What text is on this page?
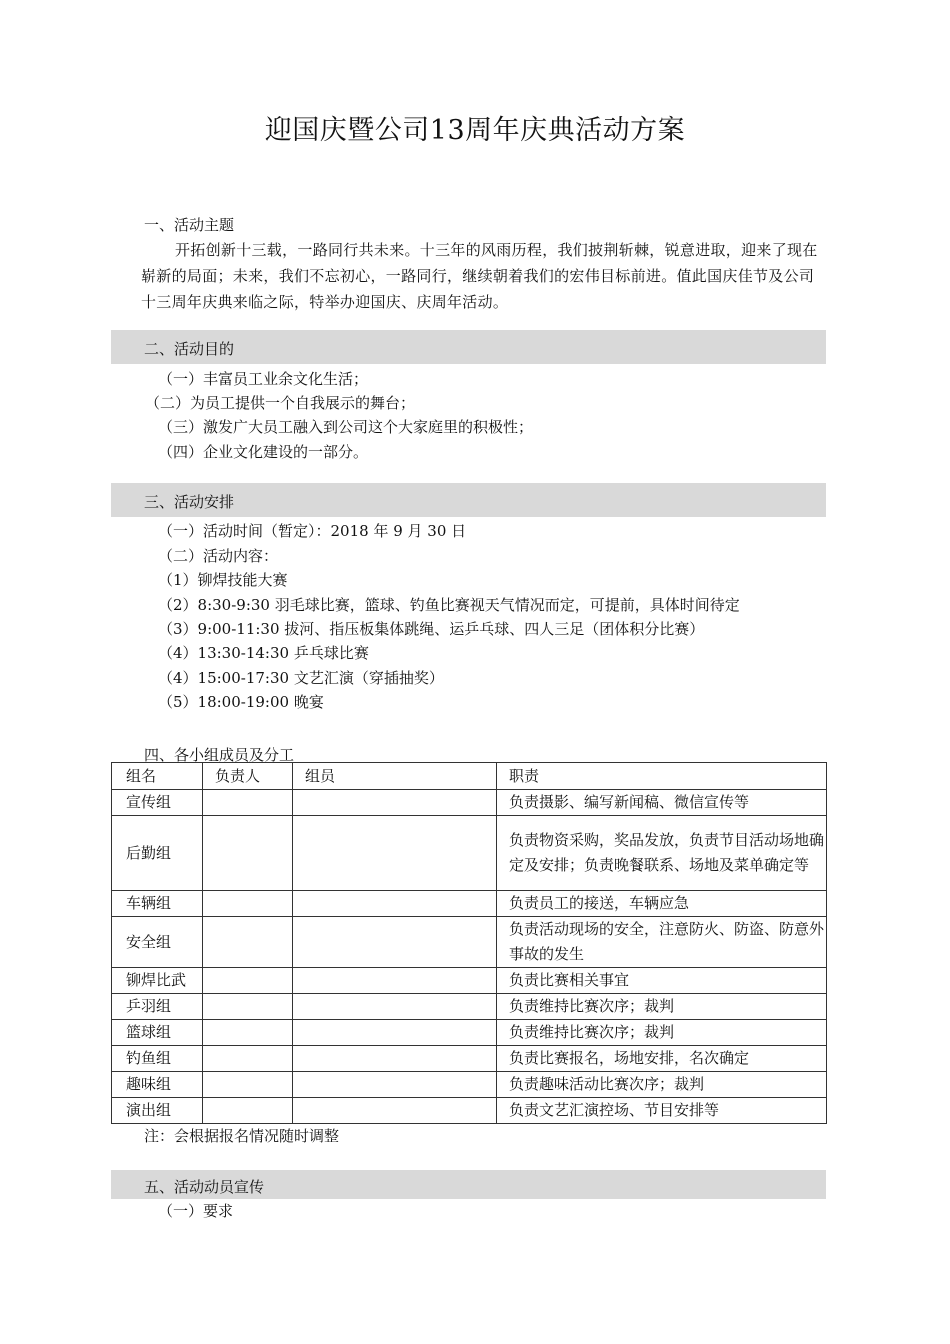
迎国庆暨公司13周年庆典活动方案
一、活动主题
开拓创新十三载，一路同行共未来。十三年的风雨历程，我们披荆斩棘，锐意进取，迎来了现在崭新的局面；未来，我们不忘初心，一路同行，继续朝着我们的宏伟目标前进。值此国庆佳节及公司十三周年庆典来临之际，特举办迎国庆、庆周年活动。
二、活动目的
（一）丰富员工业余文化生活；
（二）为员工提供一个自我展示的舞台；
（三）激发广大员工融入到公司这个大家庭里的积极性；
（四）企业文化建设的一部分。
三、活动安排
（一）活动时间（暂定）：2018 年 9 月 30 日
（二）活动内容：
（1）铆焊技能大赛
（2）8:30-9:30 羽毛球比赛，篮球、钓鱼比赛视天气情况而定，可提前，具体时间待定
（3）9:00-11:30 拔河、指压板集体跳绳、运乒乓球、四人三足（团体积分比赛）
（4）13:30-14:30 乒乓球比赛
（4）15:00-17:30 文艺汇演（穿插抽奖）
（5）18:00-19:00 晚宴
四、各小组成员及分工
组名	负责人	组员	职责
宣传组			负责摄影、编写新闻稿、微信宣传等
后勤组			负责物资采购，奖品发放，负责节目活动场地确定及安排；负责晚餐联系、场地及菜单确定等
车辆组			负责员工的接送，车辆应急
安全组			负责活动现场的安全，注意防火、防盗、防意外事故的发生
铆焊比武			负责比赛相关事宜
乒羽组			负责维持比赛次序；裁判
篮球组			负责维持比赛次序；裁判
钓鱼组			负责比赛报名，场地安排，名次确定
趣味组			负责趣味活动比赛次序；裁判
演出组			负责文艺汇演控场、节目安排等
注：会根据报名情况随时调整
五、活动动员宣传
（一）要求
